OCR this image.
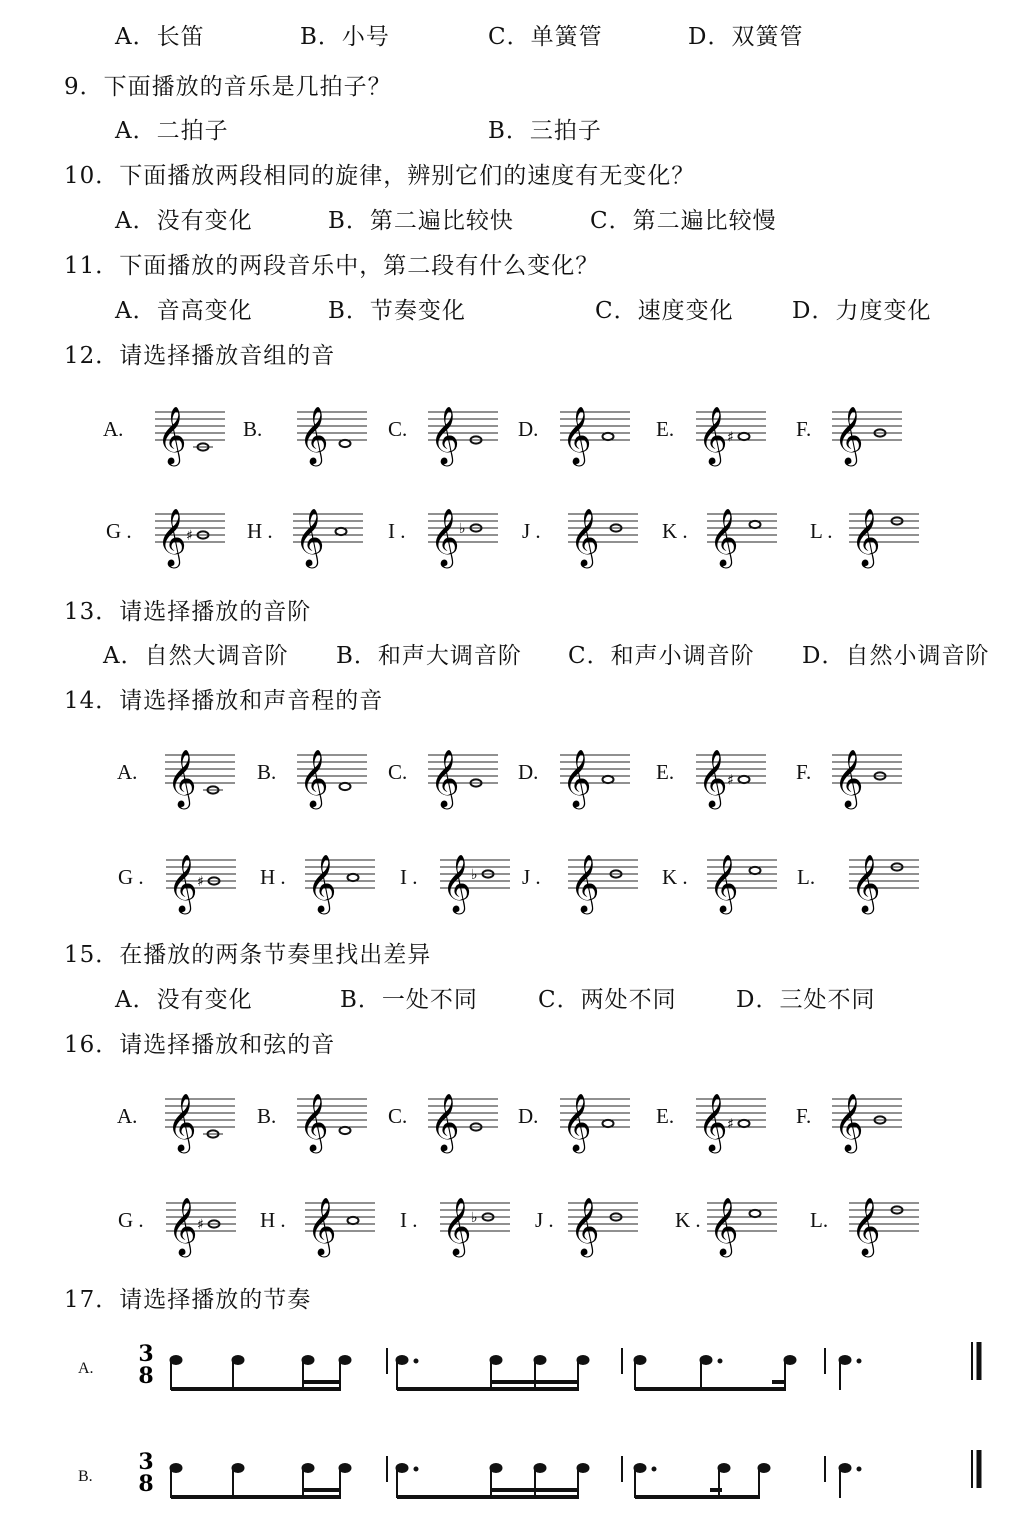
A．长笛	B．小号	C．单簧管	D．双簧管
9．下面播放的音乐是几拍子？
A．二拍子	B．三拍子
10．下面播放两段相同的旋律，辨别它们的速度有无变化？
A．没有变化	B．第二遍比较快	C．第二遍比较慢
11．下面播放的两段音乐中，第二段有什么变化？
A．音高变化	B．节奏变化	C．速度变化	D．力度变化
12．请选择播放音组的音
A. 𝄞	B. 𝄞	C. 𝄞	D. 𝄞	E. 𝄞 ♯	F. 𝄞
G . 𝄞 ♯	H . 𝄞	I . 𝄞 ♭	J . 𝄞	K . 𝄞	L . 𝄞
13．请选择播放的音阶
A．自然大调音阶 B．和声大调音阶 C．和声小调音阶 D．自然小调音阶
14．请选择播放和声音程的音
A. 𝄞	B. 𝄞	C. 𝄞	D. 𝄞	E. 𝄞 ♯	F. 𝄞
G . 𝄞 ♯	H . 𝄞	I . 𝄞 ♭ J . 𝄞	K . 𝄞	L. 𝄞
15．在播放的两条节奏里找出差异
A．没有变化	B．一处不同	C．两处不同	D．三处不同
16．请选择播放和弦的音
A. 𝄞	B. 𝄞	C. 𝄞	D. 𝄞	E. 𝄞 ♯	F. 𝄞
G . 𝄞 ♯	H . 𝄞	I . 𝄞 ♭	J . 𝄞	K . 𝄞	L. 𝄞
17．请选择播放的节奏
A.
B.
3
8
3
8
